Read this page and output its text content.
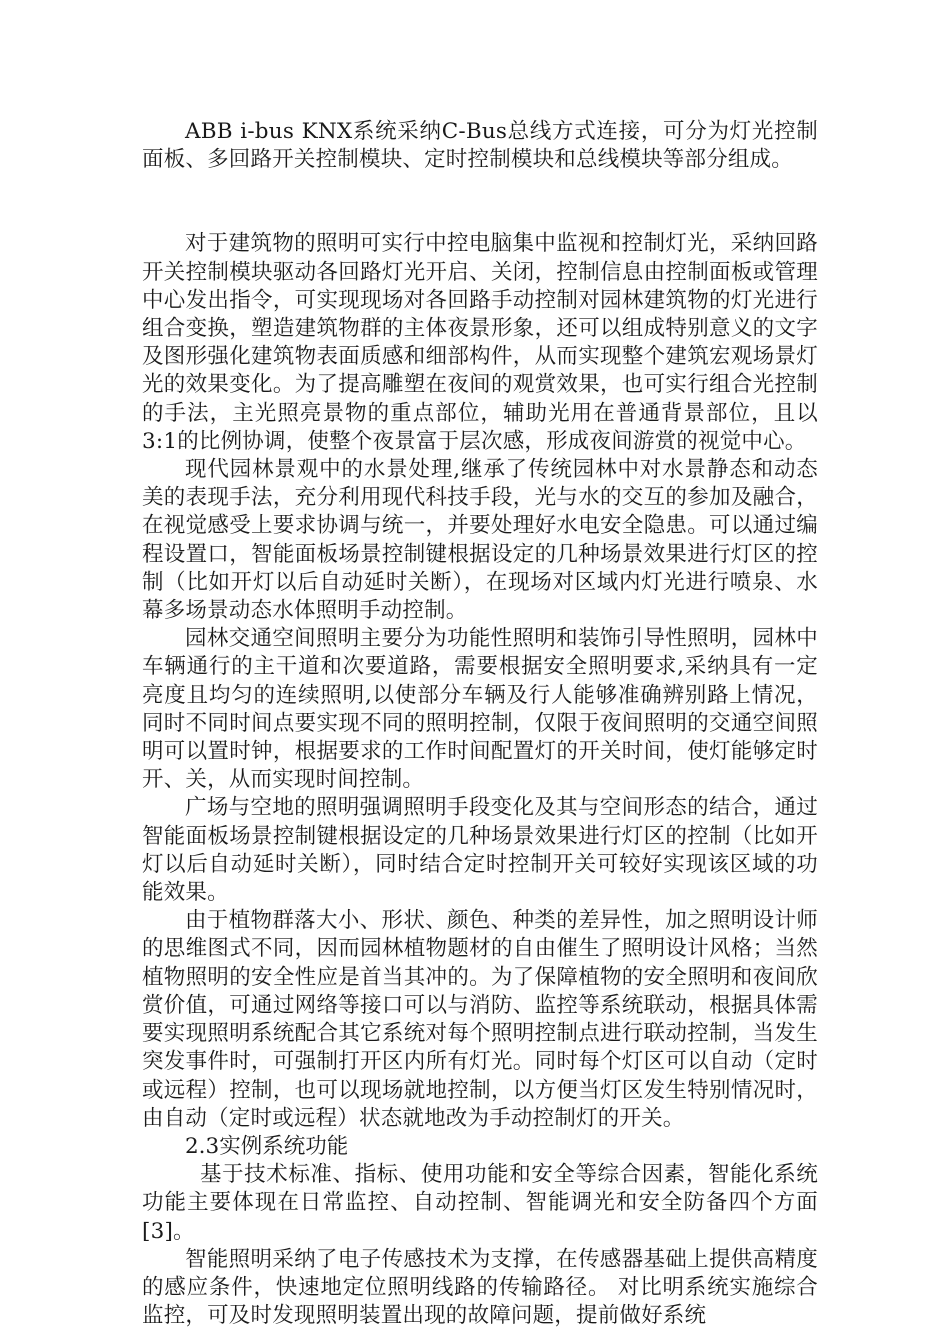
ABB i-bus KNX系统采纳C-Bus总线方式连接，可分为灯光控制面板、多回路开关控制模块、定时控制模块和总线模块等部分组成。

对于建筑物的照明可实行中控电脑集中监视和控制灯光，采纳回路开关控制模块驱动各回路灯光开启、关闭，控制信息由控制面板或管理中心发出指令，可实现现场对各回路手动控制对园林建筑物的灯光进行组合变换，塑造建筑物群的主体夜景形象，还可以组成特别意义的文字及图形强化建筑物表面质感和细部构件，从而实现整个建筑宏观场景灯光的效果变化。为了提高雕塑在夜间的观赏效果，也可实行组合光控制的手法，主光照亮景物的重点部位，辅助光用在普通背景部位，且以3:1的比例协调，使整个夜景富于层次感，形成夜间游赏的视觉中心。

现代园林景观中的水景处理,继承了传统园林中对水景静态和动态美的表现手法，充分利用现代科技手段，光与水的交互的参加及融合，在视觉感受上要求协调与统一，并要处理好水电安全隐患。可以通过编程设置口，智能面板场景控制键根据设定的几种场景效果进行灯区的控制（比如开灯以后自动延时关断），在现场对区域内灯光进行喷泉、水幕多场景动态水体照明手动控制。

园林交通空间照明主要分为功能性照明和装饰引导性照明，园林中车辆通行的主干道和次要道路，需要根据安全照明要求,采纳具有一定亮度且均匀的连续照明,以使部分车辆及行人能够准确辨别路上情况，同时不同时间点要实现不同的照明控制，仅限于夜间照明的交通空间照明可以置时钟，根据要求的工作时间配置灯的开关时间，使灯能够定时开、关，从而实现时间控制。

广场与空地的照明强调照明手段变化及其与空间形态的结合，通过智能面板场景控制键根据设定的几种场景效果进行灯区的控制（比如开灯以后自动延时关断），同时结合定时控制开关可较好实现该区域的功能效果。

由于植物群落大小、形状、颜色、种类的差异性，加之照明设计师的思维图式不同，因而园林植物题材的自由催生了照明设计风格；当然植物照明的安全性应是首当其冲的。为了保障植物的安全照明和夜间欣赏价值，可通过网络等接口可以与消防、监控等系统联动，根据具体需要实现照明系统配合其它系统对每个照明控制点进行联动控制，当发生突发事件时，可强制打开区内所有灯光。同时每个灯区可以自动（定时或远程）控制，也可以现场就地控制，以方便当灯区发生特别情况时，由自动（定时或远程）状态就地改为手动控制灯的开关。

2.3实例系统功能

基于技术标准、指标、使用功能和安全等综合因素，智能化系统功能主要体现在日常监控、自动控制、智能调光和安全防备四个方面[3]。

智能照明采纳了电子传感技术为支撑，在传感器基础上提供高精度的感应条件，快速地定位照明线路的传输路径。 对比明系统实施综合监控，可及时发现照明装置出现的故障问题，提前做好系统
